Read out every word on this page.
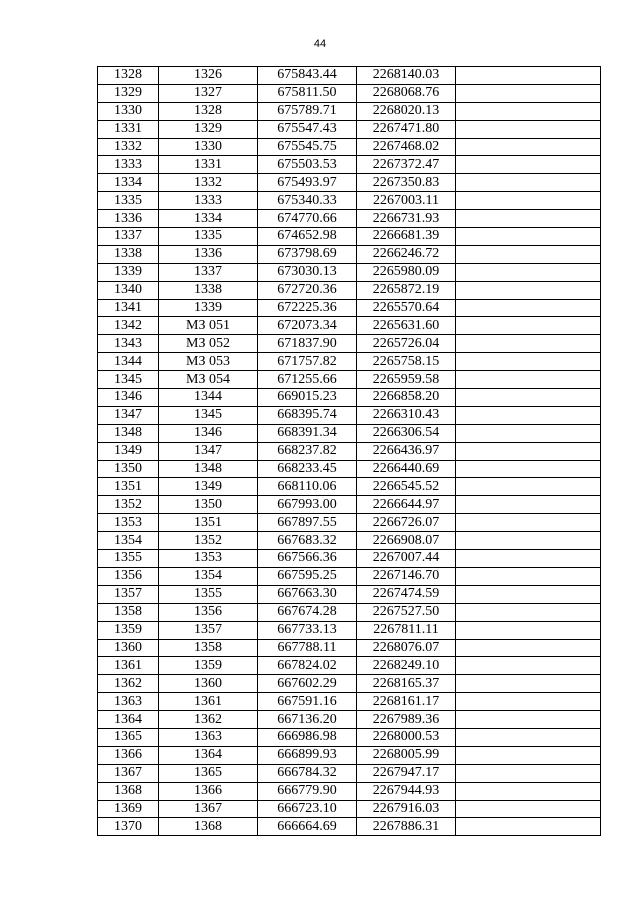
44
1328	1326	675843.44	2268140.03	
1329	1327	675811.50	2268068.76	
1330	1328	675789.71	2268020.13	
1331	1329	675547.43	2267471.80	
1332	1330	675545.75	2267468.02	
1333	1331	675503.53	2267372.47	
1334	1332	675493.97	2267350.83	
1335	1333	675340.33	2267003.11	
1336	1334	674770.66	2266731.93	
1337	1335	674652.98	2266681.39	
1338	1336	673798.69	2266246.72	
1339	1337	673030.13	2265980.09	
1340	1338	672720.36	2265872.19	
1341	1339	672225.36	2265570.64	
1342	МЗ 051	672073.34	2265631.60	
1343	МЗ 052	671837.90	2265726.04	
1344	МЗ 053	671757.82	2265758.15	
1345	МЗ 054	671255.66	2265959.58	
1346	1344	669015.23	2266858.20	
1347	1345	668395.74	2266310.43	
1348	1346	668391.34	2266306.54	
1349	1347	668237.82	2266436.97	
1350	1348	668233.45	2266440.69	
1351	1349	668110.06	2266545.52	
1352	1350	667993.00	2266644.97	
1353	1351	667897.55	2266726.07	
1354	1352	667683.32	2266908.07	
1355	1353	667566.36	2267007.44	
1356	1354	667595.25	2267146.70	
1357	1355	667663.30	2267474.59	
1358	1356	667674.28	2267527.50	
1359	1357	667733.13	2267811.11	
1360	1358	667788.11	2268076.07	
1361	1359	667824.02	2268249.10	
1362	1360	667602.29	2268165.37	
1363	1361	667591.16	2268161.17	
1364	1362	667136.20	2267989.36	
1365	1363	666986.98	2268000.53	
1366	1364	666899.93	2268005.99	
1367	1365	666784.32	2267947.17	
1368	1366	666779.90	2267944.93	
1369	1367	666723.10	2267916.03	
1370	1368	666664.69	2267886.31	
